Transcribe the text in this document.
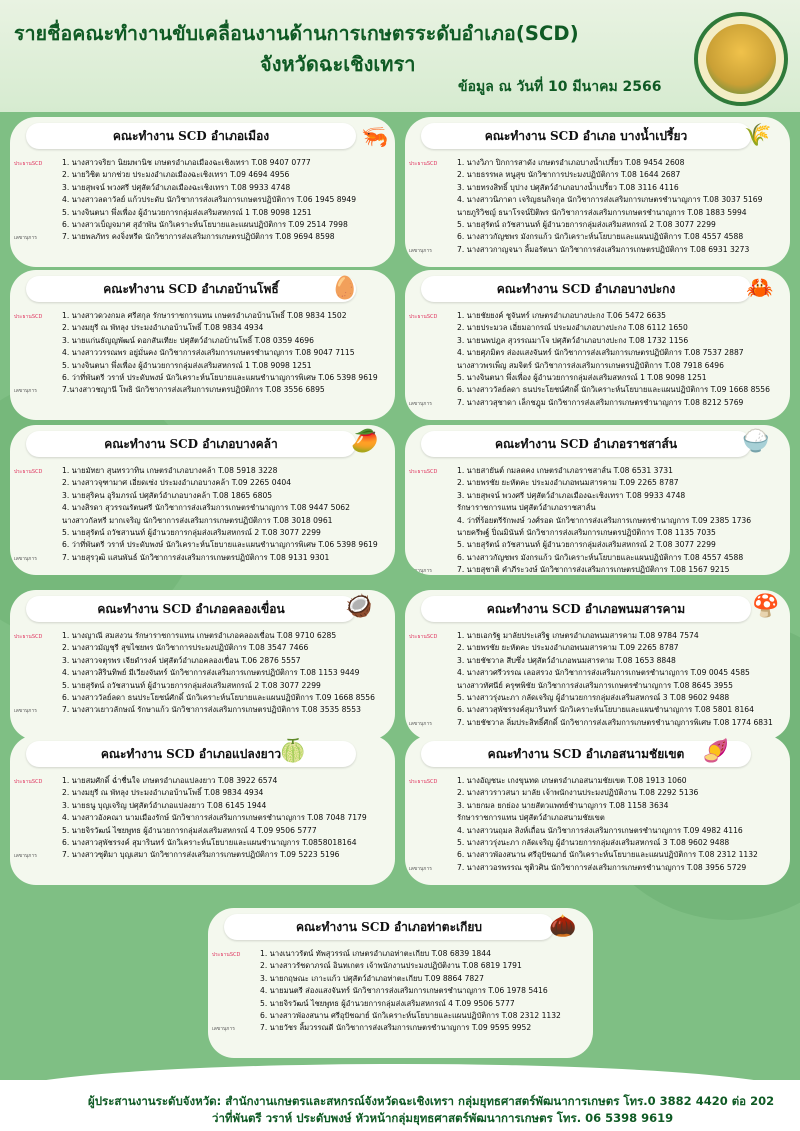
รายชื่อคณะทำงานขับเคลื่อนงานด้านการเกษตรระดับอำเภอ(SCD)
จังหวัดฉะเชิงเทรา
ข้อมูล ณ วันที่ 10 มีนาคม 2566
คณะทำงาน SCD อำเภอเมือง	🦐
ประธานSCD	1. นางสาวจริยา นิยมพานิช เกษตรอำเภอเมืองฉะเชิงเทรา T.08 9407 0777
2. นายวิชิต มากช่วย ประมงอำเภอเมืองฉะเชิงเทรา T.09 4694 4956
3. นายสุพจน์ พวงศรี ปศุสัตว์อำเภอเมืองฉะเชิงเทรา T.08 9933 4748
4. นางสาวลดาวัลย์ แก้วประดับ นักวิชาการส่งเสริมการเกษตรปฏิบัติการ T.06 1945 8949
5. นางจินตนา พึ่งเพื่อง ผู้อำนวยการกลุ่มส่งเสริมสหกรณ์ 1 T.08 9098 1251
6. นางสาวเบ็ญจมาศ สุอำพัน นักวิเคราะห์นโยบายและแผนปฏิบัติการ T.09 2514 7998
7. นายพลภัทร คงจิ่งหรีด นักวิชาการส่งเสริมการเกษตรปฏิบัติการ T.08 9694 8598
เลขานุการ
คณะทำงาน SCD อำเภอ บางน้ำเปรี้ยว	🌾
ประธานSCD	1. นางวิภา ปิกการสาดัง เกษตรอำเภอบางน้ำเปรี้ยว T.08 9454 2608
2. นายธรรพล หนูสุข นักวิชาการประมงปฏิบัติการ T.08 1644 2687
3. นายทรงสิทธิ์ บุปาง ปศุสัตว์อำเภอบางน้ำเปรี้ยว T.08 3116 4116
4. นางสาวนิภาดา เจริญธนกิจกุล นักวิชาการส่งเสริมการเกษตรชำนาญการ T.08 3037 5169
นายภูริวิชญ์ ธนาโรจน์ปิติพร นักวิชาการส่งเสริมการเกษตรชำนาญการ T.08 1883 5994
5. นายสุรัตน์ ถวัชสานนท์ ผู้อำนวยการกลุ่มส่งเสริมสหกรณ์ 2 T.08 3077 2299
6. นางสาวกัญชพร มังกรแก้ว นักวิเคราะห์นโยบายและแผนปฏิบัติการ T.08 4557 4588
7. นางสาวกาญจนา ลิ้มอรัตนา นักวิชาการส่งเสริมการเกษตรปฏิบัติการ T.08 6931 3273
เลขานุการ
คณะทำงาน SCD อำเภอบ้านโพธิ์ 🥚
ประธานSCD	1. นางสาวดวงกมล ศรีสกุล รักษาราชการแทน เกษตรอำเภอบ้านโพธิ์ T.08 9834 1502
2. นางมยุรี ณ พัทลุง ประมงอำเภอบ้านโพธิ์ T.08 9834 4934
3. นายแก่นธัญญพัฒน์ ดอกสันเทียะ ปศุสัตว์อำเภอบ้านโพธิ์ T.08 0359 4696
4. นางสาววรรณพร อยู่มั่นคง นักวิชาการส่งเสริมการเกษตรชำนาญการ T.08 9047 7115
5. นางจินตนา พึ่งเพื่อง ผู้อำนวยการกลุ่มส่งเสริมสหกรณ์ 1 T.08 9098 1251
6. ว่าที่พันตรี วราห์ ประดับพงษ์ นักวิเคราะห์นโยบายและแผนชำนาญการพิเศษ T.06 5398 9619
7.นางสาวชญานี โพธิ นักวิชาการส่งเสริมการเกษตรปฏิบัติการ T.08 3556 6895
เลขานุการ
คณะทำงาน SCD อำเภอบางปะกง	🦀
ประธานSCD	1. นายชัยยงค์ ชูจันทร์ เกษตรอำเภอบางปะกง T.06 5472 6635
2. นายประมวล เอี่ยมอากรณ์ ประมงอำเภอบางปะกง T.08 6112 1650
3. นายนพปฎล สุวรรณมาโจ ปศุสัตว์อำเภอบางปะกง T.08 1732 1156
4. นายศุภมิตร ส่องแสงจันทร์ นักวิชาการส่งเสริมการเกษตรปฏิบัติการ T.08 7537 2887
นางสาวพรเพ็ญ สมจิตร์ นักวิชาการส่งเสริมการเกษตรปฏิบัติการ T.08 7918 6496
5. นางจินตนา พึ่งเพื่อง ผู้อำนวยการกลุ่มส่งเสริมสหกรณ์ 1 T.08 9098 1251
6. นางสาววัลย์ลดา ธนประโยชน์ศักดิ์ นักวิเคราะห์นโยบายและแผนปฏิบัติการ T.09 1668 8556
7. นางสาวสุชาดา เล็กชฎุม นักวิชาการส่งเสริมการเกษตรชำนาญการ T.08 8212 5769
เลขานุการ
คณะทำงาน SCD อำเภอบางคล้า	🥭
ประธานSCD	1. นายมัทยา สุนทรวาทิน เกษตรอำเภอบางคล้า T.08 5918 3228
2. นางสาวจุฑามาศ เอี่ยดเซ่ง ประมงอำเภอบางคล้า T.09 2265 0404
3. นายสุริคน อุริมภรณ์ ปศุสัตว์อำเภอบางคล้า T.08 1865 6805
4. นางสิรดา สุวรรณรัตนศรี นักวิชาการส่งเสริมการเกษตรชำนาญการ T.08 9447 5062
นางสาวกัลทรี มากเจริญ นักวิชาการส่งเสริมการเกษตรปฏิบัติการ T.08 3018 0961
5. นายสุรัตน์ ถวัชสานนท์ ผู้อำนวยการกลุ่มส่งเสริมสหกรณ์ 2 T.08 3077 2299
6. ว่าที่พันตรี วราห์ ประดับพงษ์ นักวิเคราะห์นโยบายและแผนชำนาญการพิเศษ T.06 5398 9619
7. นายสุรวุฒิ แสนพันธ์ นักวิชาการส่งเสริมการเกษตรปฏิบัติการ T.08 9131 9301
เลขานุการ
คณะทำงาน SCD อำเภอราชสาส์น	🍚
ประธานSCD	1. นายสายันต์ กมลดคง เกษตรอำเภอราชสาส์น T.08 6531 3731
2. นายพรชัย ยะหัตคะ ประมงอำเภอพนมสารคาม T.09 2265 8787
3. นายสุพจน์ พวงศรี ปศุสัตว์อำเภอเมืองฉะเชิงเทรา T.08 9933 4748
รักษาราชการแทน ปศุสัตว์อำเภอราชสาส์น
4. ว่าที่ร้อยตรีรักพงษ์ วงศ์รอด นักวิชาการส่งเสริมการเกษตรชำนาญการ T.09 2385 1736
นายครีพฐ์ ปิ่ณมินันท์ นักวิชาการส่งเสริมการเกษตรปฏิบัติการ T.08 1135 7035
5. นายสุรัตน์ ถวัชสานนท์ ผู้อำนวยการกลุ่มส่งเสริมสหกรณ์ 2 T.08 3077 2299
6. นางสาวกัญชพร มังกรแก้ว นักวิเคราะห์นโยบายและแผนปฏิบัติการ T.08 4557 4588
7. นายสุชาติ คำภีระวงษ์ นักวิชาการส่งเสริมการเกษตรปฏิบัติการ T.08 1567 9215
เลขานุการ
คณะทำงาน SCD อำเภอคลองเขื่อน	🥥
ประธานSCD	1. นางญาณี สมสงวน รักษาราชการแทน เกษตรอำเภอคลองเขื่อน T.08 9710 6285
2. นางสาวมัญชุรี สุขไชยพร นักวิชาการประมงปฏิบัติการ T.08 3547 7466
3. นางสาวจตุรพร เจียดำรงค์ ปศุสัตว์อำเภอคลองเขื่อน T.06 2876 5557
4. นางสาวสิรินทิพย์ มีเวียงจันทร์ นักวิชาการส่งเสริมการเกษตรปฏิบัติการ T.08 1153 9449
5. นายสุรัตน์ ถวัชสานนท์ ผู้อำนวยการกลุ่มส่งเสริมสหกรณ์ 2 T.08 3077 2299
6. นางสาววัลย์ลดา ธนประโยชน์ศักดิ์ นักวิเคราะห์นโยบายและแผนปฏิบัติการ T.09 1668 8556
7. นางสาวเยาวลักษณ์ รักษาแก้ว นักวิชาการส่งเสริมการเกษตรปฏิบัติการ T.08 3535 8553
เลขานุการ
คณะทำงาน SCD อำเภอพนมสารคาม	🍄
ประธานSCD	1. นายเอกรัฐ มาลัยประเสริฐ เกษตรอำเภอพนมสารคาม T.08 9784 7574
2. นายพรชัย ยะหัตคะ ประมงอำเภอพนมสารคาม T.09 2265 8787
3. นายชัชวาล สีบซึ่ง ปศุสัตว์อำเภอพนมสารคาม T.08 1653 8848
4. นางสาวศรีวรรณ เลอสรวง นักวิชาการส่งเสริมการเกษตรชำนาญการ T.09 0045 4585
นางสาวทัศนีย์ ครุฑพิชัย นักวิชาการส่งเสริมการเกษตรชำนาญการ T.08 8645 3955
5. นางสาวรุ่งนะภา กลัดเจริญ ผู้อำนวยการกลุ่มส่งเสริมสหกรณ์ 3 T.08 9602 9488
6. นางสาวสุพัชรรงค์สุมารินทร์ นักวิเคราะห์นโยบายและแผนชำนาญการ T.08 5801 8164
7. นายชัชวาล ลิ่มประสิทธิ์ศักดิ์ นักวิชาการส่งเสริมการเกษตรชำนาญการพิเศษ T.08 1774 6831
เลขานุการ
คณะทำงาน SCD อำเภอแปลงยาว
🍈
ประธานSCD	1. นายสมศักดิ์ ฉ่ำชื่นใจ เกษตรอำเภอแปลงยาว T.08 3922 6574
2. นางมยุรี ณ พัทลุง ประมงอำเภอบ้านโพธิ์ T.08 9834 4934
3. นายธนู บุญเจริญ ปศุสัตว์อำเภอแปลงยาว T.08 6145 1944
4. นางสาวอังคณา นามเมืองรักษ์ นักวิชาการส่งเสริมการเกษตรชำนาญการ T.08 7048 7179
5. นายจิรวัฒน์ ไชยพูทธ ผู้อำนวยการกลุ่มส่งเสริมสหกรณ์ 4 T.09 9506 5777
6. นางสาวสุพัชรรงค์ สุมารินทร์ นักวิเคราะห์นโยบายและแผนชำนาญการ T.0858018164
7. นางสาวซุติมา บุญเสมา นักวิชาการส่งเสริมการเกษตรปฏิบัติการ T.09 5223 5196
เลขานุการ
คณะทำงาน SCD อำเภอสนามชัยเขต 🍠
ประธานSCD	1. นางอัญชนะ เกงขุนทด เกษตรอำเภอสนามชัยเขต T.08 1913 1060
2. นางสาวราวสนา มาลัย เจ้าพนักงานประมงปฏิบัติงาน T.08 2292 5136
3. นายกมล ยกย่อง นายสัตวแพทย์ชำนาญการ T.08 1158 3634
รักษาราชการแทน ปศุสัตว์อำเภอสนามชัยเขต
4. นางสาวนฤมล สิงห์เถื่อน นักวิชาการส่งเสริมการเกษตรชำนาญการ T.09 4982 4116
5. นางสาวรุ่งนะภา กลัดเจริญ ผู้อำนวยการกลุ่มส่งเสริมสหกรณ์ 3 T.08 9602 9488
6. นางสาวพัองสนาน ศรีอุปัชฌาย์ นักวิเคราะห์นโยบายและแผนปฏิบัติการ T.08 2312 1132
7. นางสาวอรพรรณ ซุติวศิน นักวิชาการส่งเสริมการเกษตรชำนาญการ T.08 3956 5729
เลขานุการ
คณะทำงาน SCD อำเภอท่าตะเกียบ	🌰
ประธานSCD	1. นางเนาวรัตน์ ทัพสุวรรณ์ เกษตรอำเภอท่าตะเกียบ T.08 6839 1844
2. นางสาวรัชดาภรณ์ อินทเกตร เจ้าพนักงานประมงปฏิบัติงาน T.08 6819 1791
3. นายกฤษณะ เกาะแก้ว ปศุสัตว์อำเภอท่าตะเกียบ T.09 8864 7827
4. นายมนตรี ส่องแสงจันทร์ นักวิชาการส่งเสริมการเกษตรชำนาญการ T.06 1978 5416
5. นายจิรวัฒน์ ไชยพูทธ ผู้อำนวยการกลุ่มส่งเสริมสหกรณ์ 4 T.09 9506 5777
6. นางสาวพัองสนาน ศรีอุปัชฌาย์ นักวิเคราะห์นโยบายและแผนปฏิบัติการ T.08 2312 1132
7. นายวัชร ลิ้มวรรณดี นักวิชาการส่งเสริมการเกษตรชำนาญการ T.09 9595 9952
เลขานุการ
ผู้ประสานงานระดับจังหวัด: สำนักงานเกษตรและสหกรณ์จังหวัดฉะเชิงเทรา กลุ่มยุทธศาสตร์พัฒนาการเกษตร โทร.0 3882 4420 ต่อ 202
ว่าที่พันตรี วราห์ ประดับพงษ์ หัวหน้ากลุ่มยุทธศาสตร์พัฒนาการเกษตร โทร. 06 5398 9619
